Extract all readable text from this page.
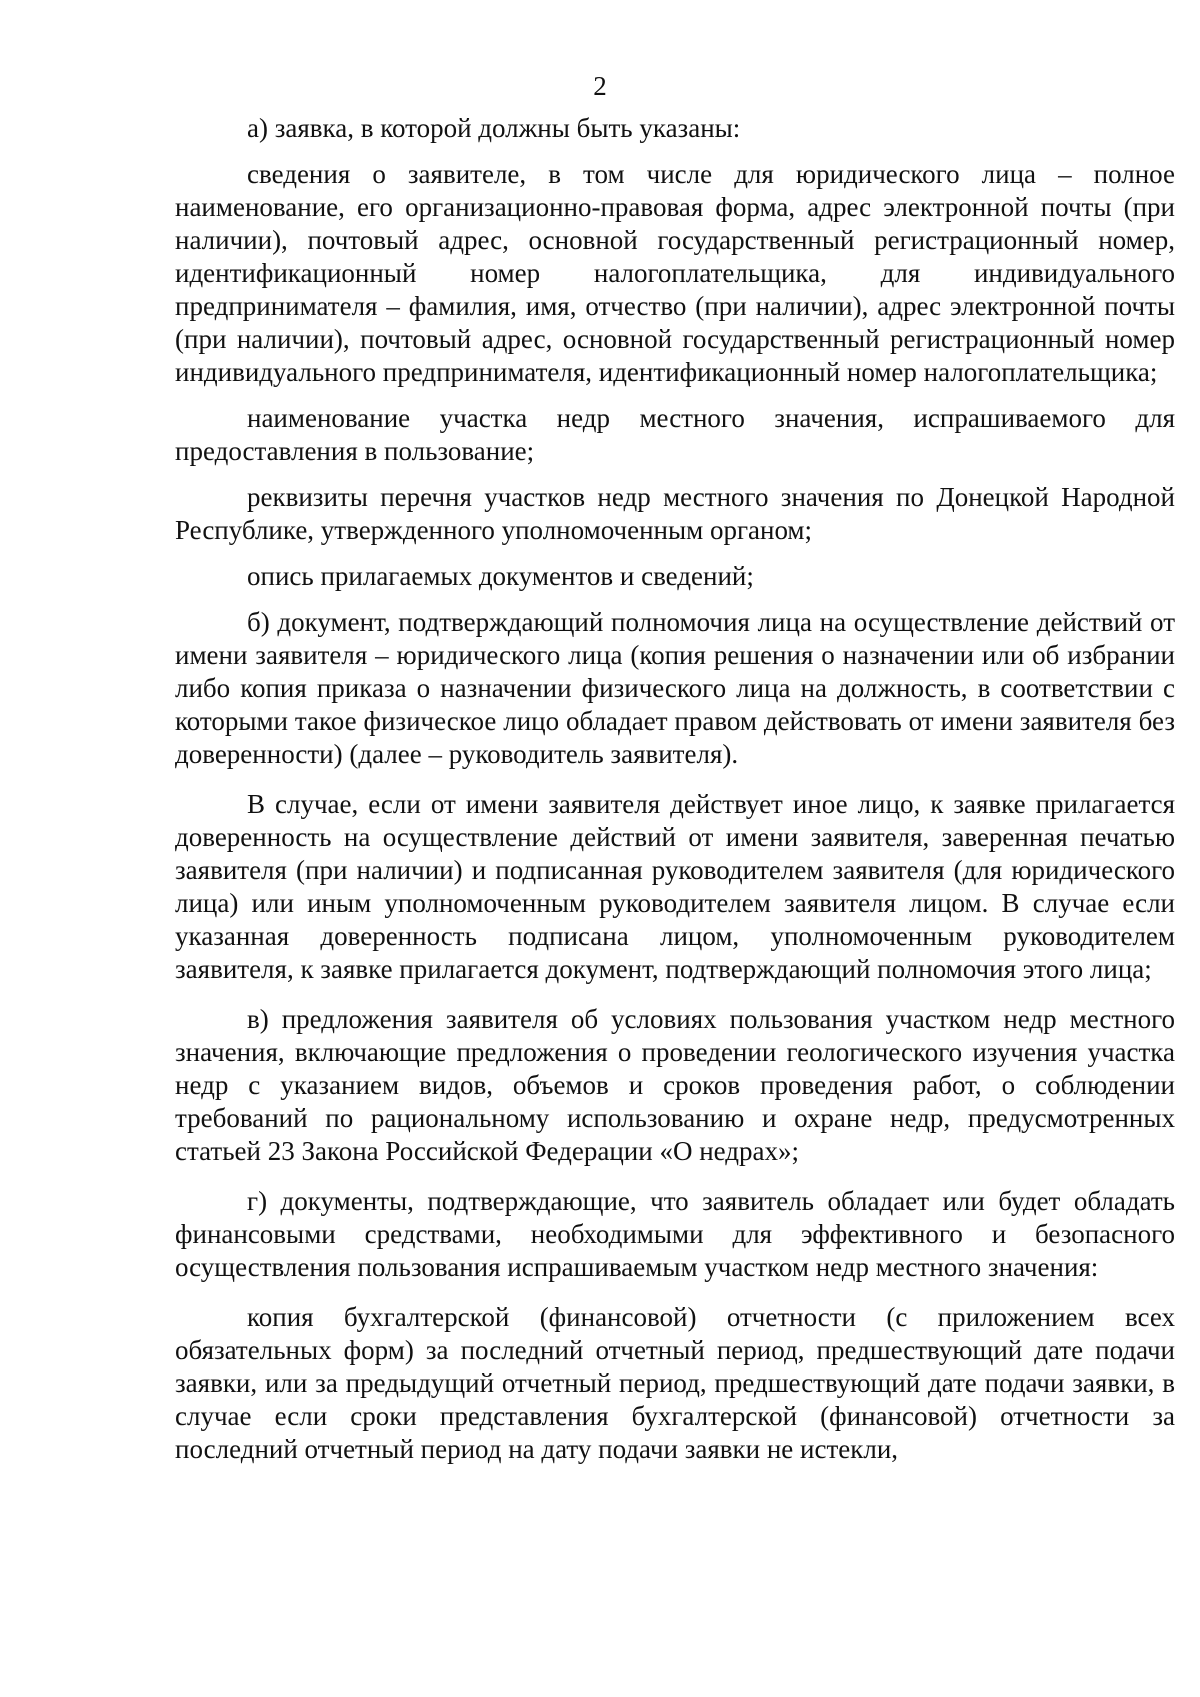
2

а) заявка, в которой должны быть указаны:

сведения о заявителе, в том числе для юридического лица – полное наименование, его организационно-правовая форма, адрес электронной почты (при наличии), почтовый адрес, основной государственный регистрационный номер, идентификационный номер налогоплательщика, для индивидуального предпринимателя – фамилия, имя, отчество (при наличии), адрес электронной почты (при наличии), почтовый адрес, основной государственный регистрационный номер индивидуального предпринимателя, идентификационный номер налогоплательщика;

наименование участка недр местного значения, испрашиваемого для предоставления в пользование;

реквизиты перечня участков недр местного значения по Донецкой Народной Республике, утвержденного уполномоченным органом;

опись прилагаемых документов и сведений;

б) документ, подтверждающий полномочия лица на осуществление действий от имени заявителя – юридического лица (копия решения о назначении или об избрании либо копия приказа о назначении физического лица на должность, в соответствии с которыми такое физическое лицо обладает правом действовать от имени заявителя без доверенности) (далее – руководитель заявителя).

В случае, если от имени заявителя действует иное лицо, к заявке прилагается доверенность на осуществление действий от имени заявителя, заверенная печатью заявителя (при наличии) и подписанная руководителем заявителя (для юридического лица) или иным уполномоченным руководителем заявителя лицом. В случае если указанная доверенность подписана лицом, уполномоченным руководителем заявителя, к заявке прилагается документ, подтверждающий полномочия этого лица;

в) предложения заявителя об условиях пользования участком недр местного значения, включающие предложения о проведении геологического изучения участка недр с указанием видов, объемов и сроков проведения работ, о соблюдении требований по рациональному использованию и охране недр, предусмотренных статьей 23 Закона Российской Федерации «О недрах»;

г) документы, подтверждающие, что заявитель обладает или будет обладать финансовыми средствами, необходимыми для эффективного и безопасного осуществления пользования испрашиваемым участком недр местного значения:

копия бухгалтерской (финансовой) отчетности (с приложением всех обязательных форм) за последний отчетный период, предшествующий дате подачи заявки, или за предыдущий отчетный период, предшествующий дате подачи заявки, в случае если сроки представления бухгалтерской (финансовой) отчетности за последний отчетный период на дату подачи заявки не истекли,
